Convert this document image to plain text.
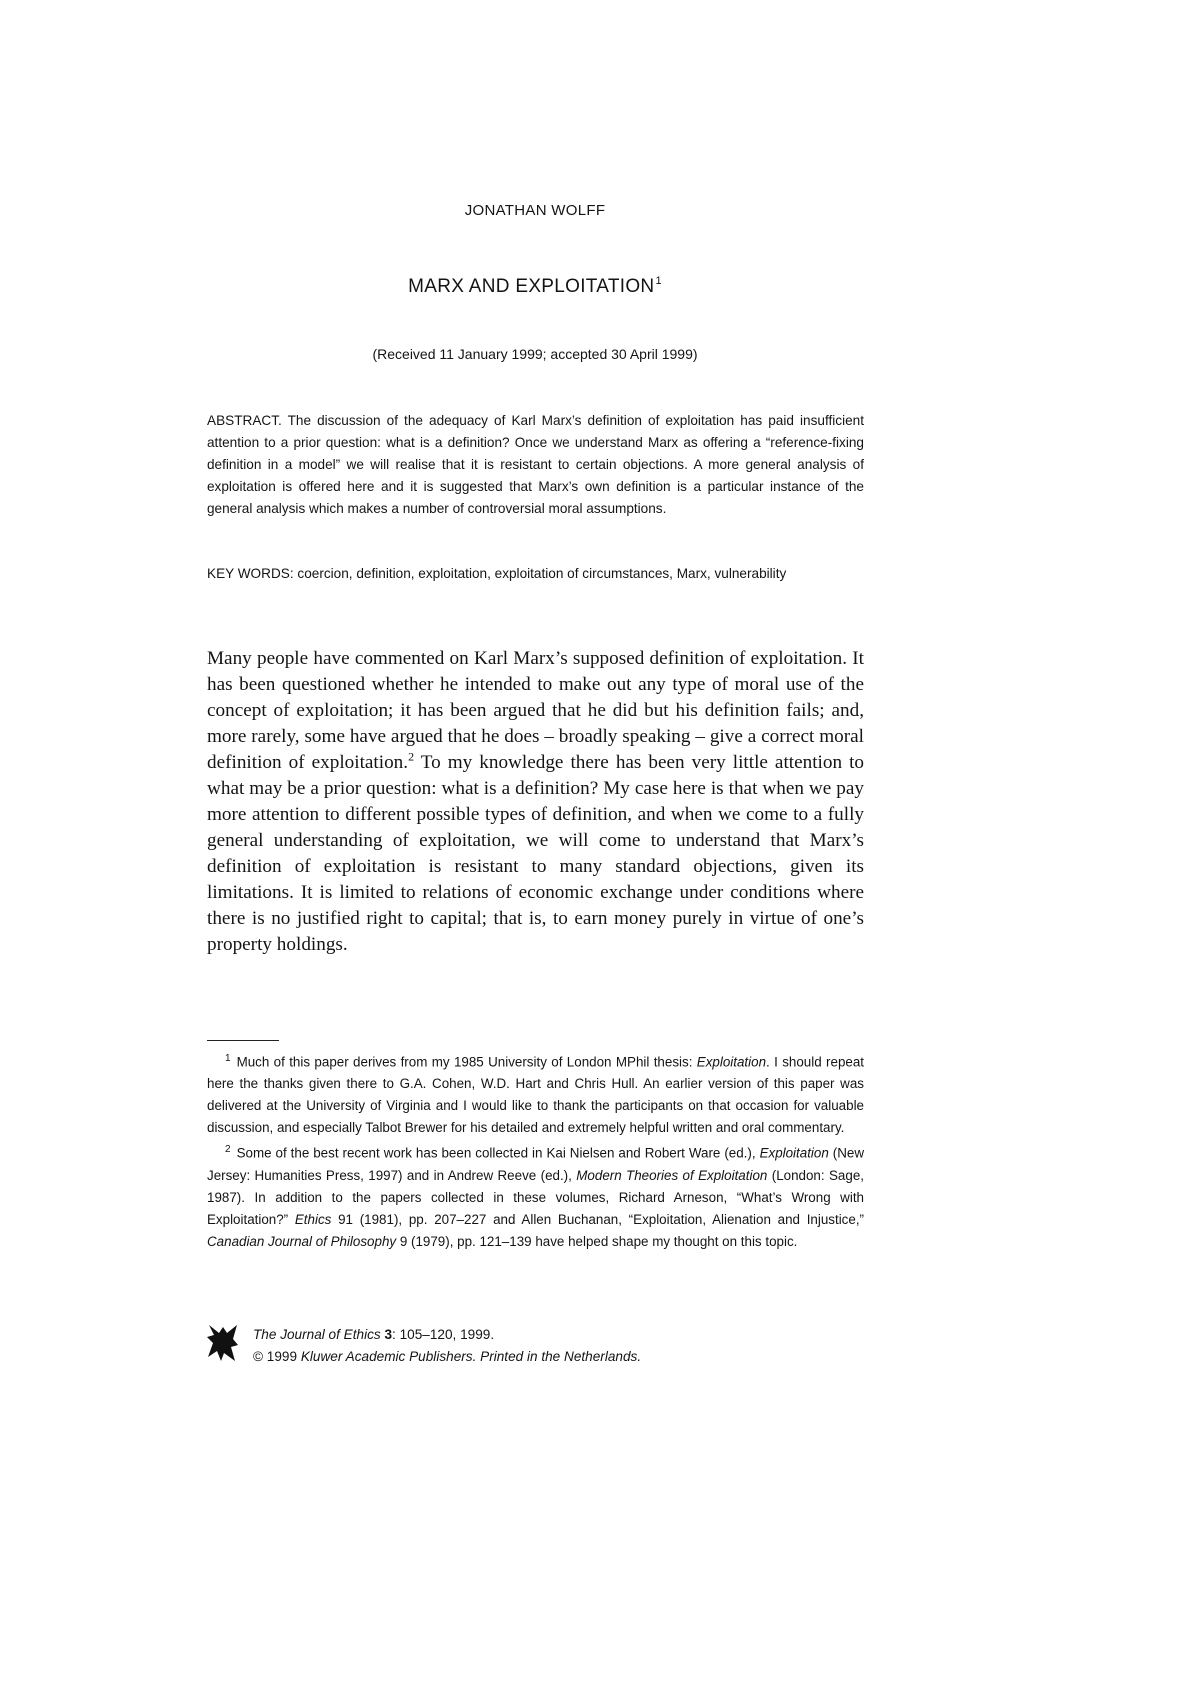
JONATHAN WOLFF
MARX AND EXPLOITATION$^1$
(Received 11 January 1999; accepted 30 April 1999)

ABSTRACT. The discussion of the adequacy of Karl Marx’s definition of exploitation has paid insufficient attention to a prior question: what is a definition? Once we understand Marx as offering a “reference-fixing definition in a model” we will realise that it is resistant to certain objections. A more general analysis of exploitation is offered here and it is suggested that Marx’s own definition is a particular instance of the general analysis which makes a number of controversial moral assumptions.

KEY WORDS: coercion, definition, exploitation, exploitation of circumstances, Marx, vulnerability

Many people have commented on Karl Marx’s supposed definition of exploitation. It has been questioned whether he intended to make out any type of moral use of the concept of exploitation; it has been argued that he did but his definition fails; and, more rarely, some have argued that he does – broadly speaking – give a correct moral definition of exploitation.$^2$ To my knowledge there has been very little attention to what may be a prior question: what is a definition? My case here is that when we pay more attention to different possible types of definition, and when we come to a fully general understanding of exploitation, we will come to understand that Marx’s definition of exploitation is resistant to many standard objections, given its limitations. It is limited to relations of economic exchange under conditions where there is no justified right to capital; that is, to earn money purely in virtue of one’s property holdings.

$^1$ Much of this paper derives from my 1985 University of London MPhil thesis: Exploitation. I should repeat here the thanks given there to G.A. Cohen, W.D. Hart and Chris Hull. An earlier version of this paper was delivered at the University of Virginia and I would like to thank the participants on that occasion for valuable discussion, and especially Talbot Brewer for his detailed and extremely helpful written and oral commentary.

$^2$ Some of the best recent work has been collected in Kai Nielsen and Robert Ware (ed.), Exploitation (New Jersey: Humanities Press, 1997) and in Andrew Reeve (ed.), Modern Theories of Exploitation (London: Sage, 1987). In addition to the papers collected in these volumes, Richard Arneson, “What’s Wrong with Exploitation?” Ethics 91 (1981), pp. 207–227 and Allen Buchanan, “Exploitation, Alienation and Injustice,” Canadian Journal of Philosophy 9 (1979), pp. 121–139 have helped shape my thought on this topic.

The Journal of Ethics 3: 105–120, 1999.
© 1999 Kluwer Academic Publishers. Printed in the Netherlands.
